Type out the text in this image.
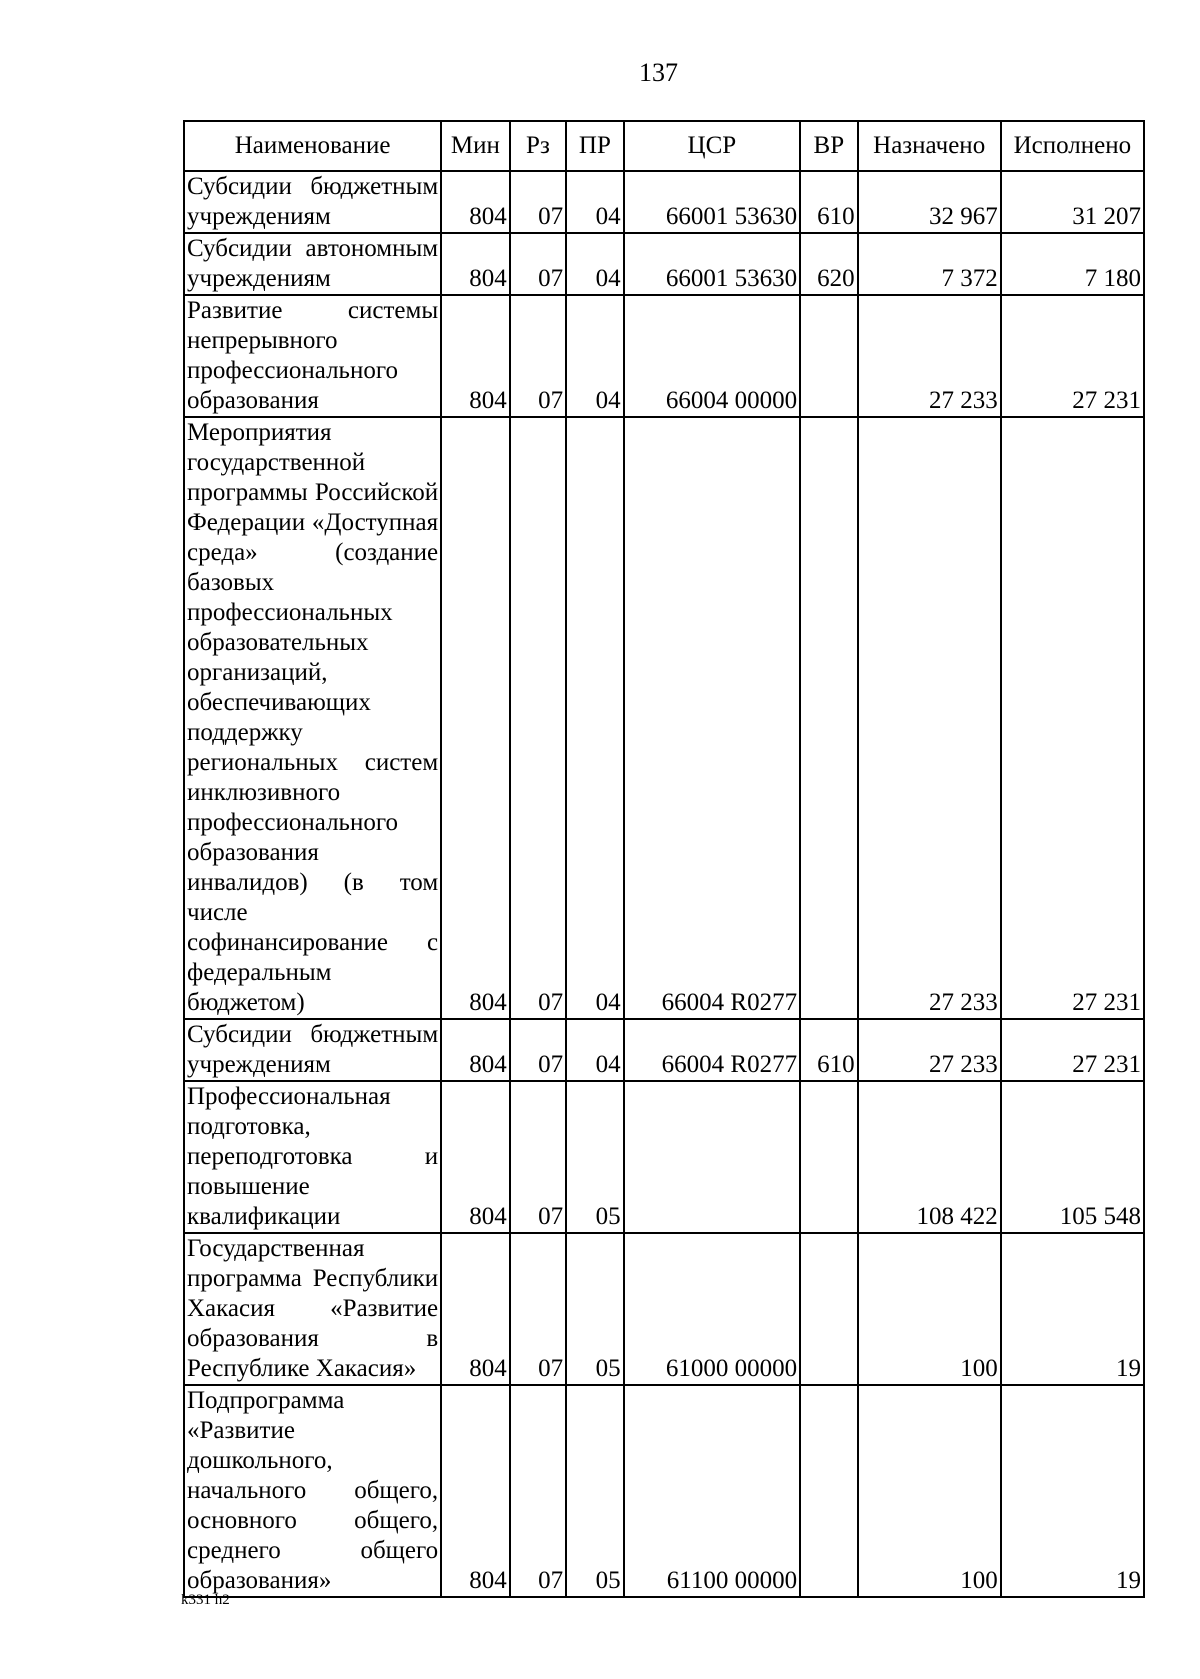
137
Наименование	Мин	Рз	ПР	ЦСР	ВР	Назначено	Исполнено
Субсидии бюджетным учреждениям	804	07	04	66001 53630	610	32 967	31 207
Субсидии автономным учреждениям	804	07	04	66001 53630	620	7 372	7 180
Развитие системы непрерывного профессионального образования	804	07	04	66004 00000		27 233	27 231
Мероприятия государственной программы Российской Федерации «Доступная среда» (создание базовых профессиональных образовательных организаций, обеспечивающих поддержку региональных систем инклюзивного профессионального образования инвалидов) (в том числе софинансирование с федеральным бюджетом)	804	07	04	66004 R0277		27 233	27 231
Субсидии бюджетным учреждениям	804	07	04	66004 R0277	610	27 233	27 231
Профессиональная подготовка, переподготовка и повышение квалификации	804	07	05			108 422	105 548
Государственная программа Республики Хакасия «Развитие образования в Республике Хакасия»	804	07	05	61000 00000		100	19
Подпрограмма «Развитие дошкольного, начального общего, основного общего, среднего общего образования»	804	07	05	61100 00000		100	19
k331 h2
